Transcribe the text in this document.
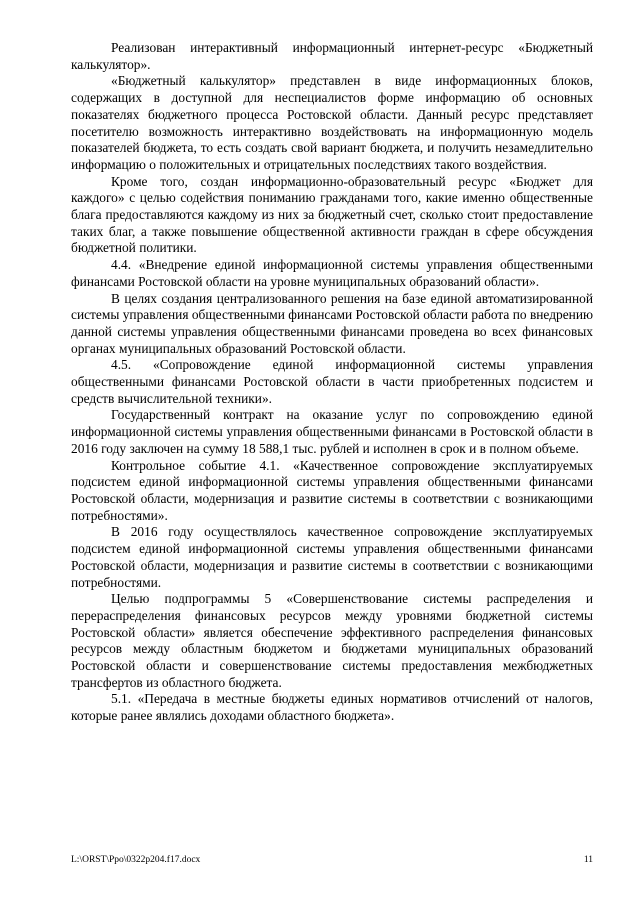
Реализован интерактивный информационный интернет-ресурс «Бюджетный калькулятор».

«Бюджетный калькулятор» представлен в виде информационных блоков, содержащих в доступной для неспециалистов форме информацию об основных показателях бюджетного процесса Ростовской области. Данный ресурс представляет посетителю возможность интерактивно воздействовать на информационную модель показателей бюджета, то есть создать свой вариант бюджета, и получить незамедлительно информацию о положительных и отрицательных последствиях такого воздействия.

Кроме того, создан информационно-образовательный ресурс «Бюджет для каждого» с целью содействия пониманию гражданами того, какие именно общественные блага предоставляются каждому из них за бюджетный счет, сколько стоит предоставление таких благ, а также повышение общественной активности граждан в сфере обсуждения бюджетной политики.

4.4. «Внедрение единой информационной системы управления общественными финансами Ростовской области на уровне муниципальных образований области».

В целях создания централизованного решения на базе единой автоматизированной системы управления общественными финансами Ростовской области работа по внедрению данной системы управления общественными финансами проведена во всех финансовых органах муниципальных образований Ростовской области.

4.5. «Сопровождение единой информационной системы управления общественными финансами Ростовской области в части приобретенных подсистем и средств вычислительной техники».

Государственный контракт на оказание услуг по сопровождению единой информационной системы управления общественными финансами в Ростовской области в 2016 году заключен на сумму 18 588,1 тыс. рублей и исполнен в срок и в полном объеме.

Контрольное событие 4.1. «Качественное сопровождение эксплуатируемых подсистем единой информационной системы управления общественными финансами Ростовской области, модернизация и развитие системы в соответствии с возникающими потребностями».

В 2016 году осуществлялось качественное сопровождение эксплуатируемых подсистем единой информационной системы управления общественными финансами Ростовской области, модернизация и развитие системы в соответствии с возникающими потребностями.

Целью подпрограммы 5 «Совершенствование системы распределения и перераспределения финансовых ресурсов между уровнями бюджетной системы Ростовской области» является обеспечение эффективного распределения финансовых ресурсов между областным бюджетом и бюджетами муниципальных образований Ростовской области и совершенствование системы предоставления межбюджетных трансфертов из областного бюджета.

5.1. «Передача в местные бюджеты единых нормативов отчислений от налогов, которые ранее являлись доходами областного бюджета».

L:\ORST\Ppo\0322p204.f17.docx	11
